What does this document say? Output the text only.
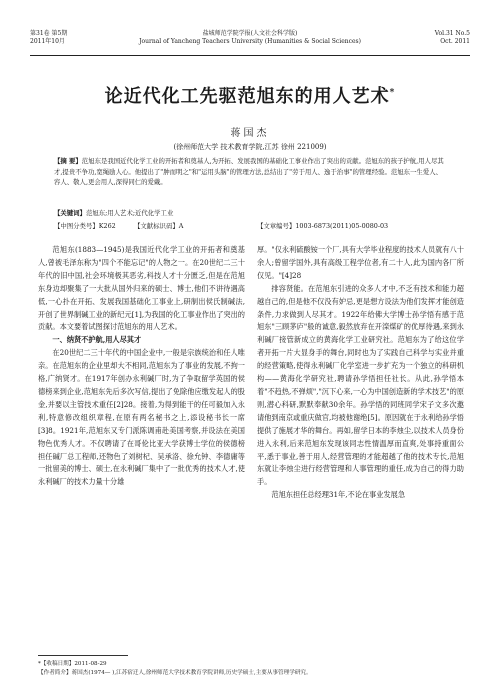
第31卷 第5期
2011年10月
盐城师范学院学报(人文社会科学版)
Journal of Yancheng Teachers University (Humanities & Social Sciences)
Vol.31 No.5
Oct. 2011
论近代化工先驱范旭东的用人艺术*
蒋国杰
(徐州师范大学 技术教育学院,江苏 徐州 221009)
【摘 要】范旭东是我国近代化学工业的开拓者和奠基人,为开拓、发展我国的基础化工事业作出了突出的贡献。范旭东的孩子护航,用人尽其才,提贵不争功,宽绳励人心。他提出了"肿而明之"和"运用头脑"的管理方法,总结出了"劳于用人、逸于治事"的管理经验。范旭东一生爱人、容人、敬人,更会用人,深得同仁的爱戴。
【关键词】范旭东;用人艺术;近代化学工业
【中图分类号】K262	【文献标识码】A	【文章编号】1003-6873(2011)05-0080-03

范旭东(1883—1945)是我国近代化学工业的开拓者和奠基人,曾被毛泽东称为"四个不能忘记"的人物之一。在20世纪二三十年代的旧中国,社会环境极其恶劣,科技人才十分匮乏,但是在范旭东身边却聚集了一大批从国外归来的硕士、博士,他们不讲待遇高低,一心扑在开拓、发展我国基础化工事业上,研制出侯氏制碱法,开创了世界制碱工业的新纪元[1],为我国的化工事业作出了突出的贡献。本文要着试图探讨范旭东的用人艺术。

一、纳贤不护航,用人尽其才

在20世纪二三十年代的中国企业中,一般是宗族统治和任人唯亲。在范旭东的企业里却大不相同,范旭东为了事业的发展,不拘一格,广纳贤才。在1917年创办永利碱厂时,为了争取留学英国的侯德榜来到企业,范旭东先后多次写信,提出了免除他应缴发起人的股金,并要以主管技术重任[2]28。接着,为得到能干的任可毅加入永利,特意修改组织章程,在原有两名秘书之上,添设秘书长一席[3]8。1921年,范旭东又专门派陈调甫赴美国考察,并设法在美国物色优秀人才。不仅聘请了在哥伦比亚大学获博士学位的侯德榜担任碱厂总工程师,还物色了刘树杞、吴承洛、徐允钟、李德庸等一批留美的博士、硕士,在永利碱厂集中了一批优秀的技术人才,使永利碱厂的技术力量十分雄

厚。"仅永利硫酸铵一个厂,具有大学毕业程度的技术人员就有八十余人;曾留学国外,具有高级工程学位者,有二十人,此为国内各厂所仅见。"[4]28

排容贤能。在范旭东引进的众多人才中,不乏有技术和能力超越自己的,但是他不仅没有妒忌,更是想方设法为他们发挥才能创造条件,力求做到人尽其才。1922年给佛大学博士孙学悟有感于范旭东"三顾茅庐"般的诚意,毅然放弃在开滦煤矿的优厚待遇,来到永利碱厂接管新成立的黄海化学工业研究社。范旭东为了给这位学者开拓一片大显身手的舞台,同时也为了实践自己科学与实业并重的经营策略,使得永利碱厂化学室进一步扩充为一个独立的科研机构——黄海化学研究社,聘请孙学悟担任社长。从此,孙学悟本着"不趋热,不弹烦","沉下心来,一心为中国创造新的学术技艺"的原则,潜心科研,默默奉献30余年。孙学悟的同班同学宋子文多次邀请他到南京或重庆做官,均被他谢绝[5]。原因就在于永利给孙学悟提供了施展才华的舞台。再如,留学日本的李烛尘,以技术人员身份进入永利,后来范旭东发现该同志性情温厚而直爽,处事持重面公平,悉于事业,善于用人,经营管理的才能超越了他的技术专长,范旭东就让李烛尘进行经营管理和人事管理的重任,成为自己的得力助手。

范旭东担任总经理31年,不论在事业发展急

*【收稿日期】2011-08-29
【作者简介】蒋国杰(1974— ),江苏宿迁人,徐州师范大学技术教育学院讲师,历史学硕士,主要从事管理学研究。
